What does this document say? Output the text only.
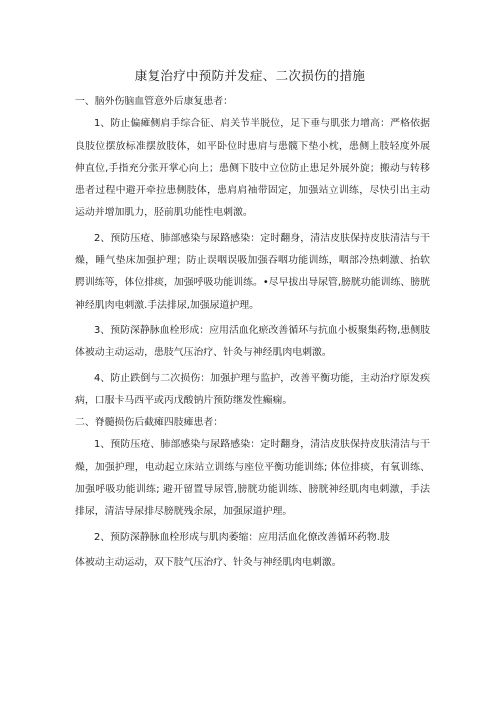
康复治疗中预防并发症、二次损伤的措施

一、脑外伤脑血管意外后康复患者：

1、防止偏瘫侧肩手综合征、肩关节半脱位，足下垂与肌张力增高：严格依据良肢位摆放标准摆放肢体，如平卧位时患肩与患髋下垫小枕，患侧上肢轻度外展伸直位,手指充分张开掌心向上；患侧下肢中立位防止患足外展外旋；搬动与转移患者过程中避开牵拉患侧肢体，患肩肩袖带固定，加强站立训练，尽快引出主动运动并增加肌力，胫前肌功能性电刺激。

2、预防压疮、肺部感染与尿路感染：定时翻身，清洁皮肤保持皮肤清洁与干燥，睡气垫床加强护理；防止误咽误吸加强吞咽功能训练，咽部冷热刺激、抬软腭训练等，体位排痰，加强呼吸功能训练。•尽早拔出导尿管,膀胱功能训练、膀胱神经肌肉电刺激.手法排尿,加强尿道护理。

3、预防深静脉血栓形成：应用活血化瘀改善循环与抗血小板聚集药物,患侧肢体被动主动运动，患肢气压治疗、针灸与神经肌肉电刺激。

4、防止跌倒与二次损伤：加强护理与监护，改善平衡功能，主动治疗原发疾病，口服卡马西平或丙戊酸钠片预防继发性癫痫。

二、脊髓损伤后截瘫四肢瘫患者：

1、预防压疮、肺部感染与尿路感染：定时翻身，清洁皮肤保持皮肤清洁与干燥，加强护理，电动起立床站立训练与座位平衡功能训练; 体位排痰，有氧训练、加强呼吸功能训练; 避开留置导尿管,膀胱功能训练、膀胱神经肌肉电刺激，手法排尿，清洁导尿排尽膀胱残余尿，加强尿道护理。

2、预防深静脉血栓形成与肌肉萎缩：应用活血化僚改善循环药物.肢

体被动主动运动，双下肢气压治疗、针灸与神经肌肉电刺激。
